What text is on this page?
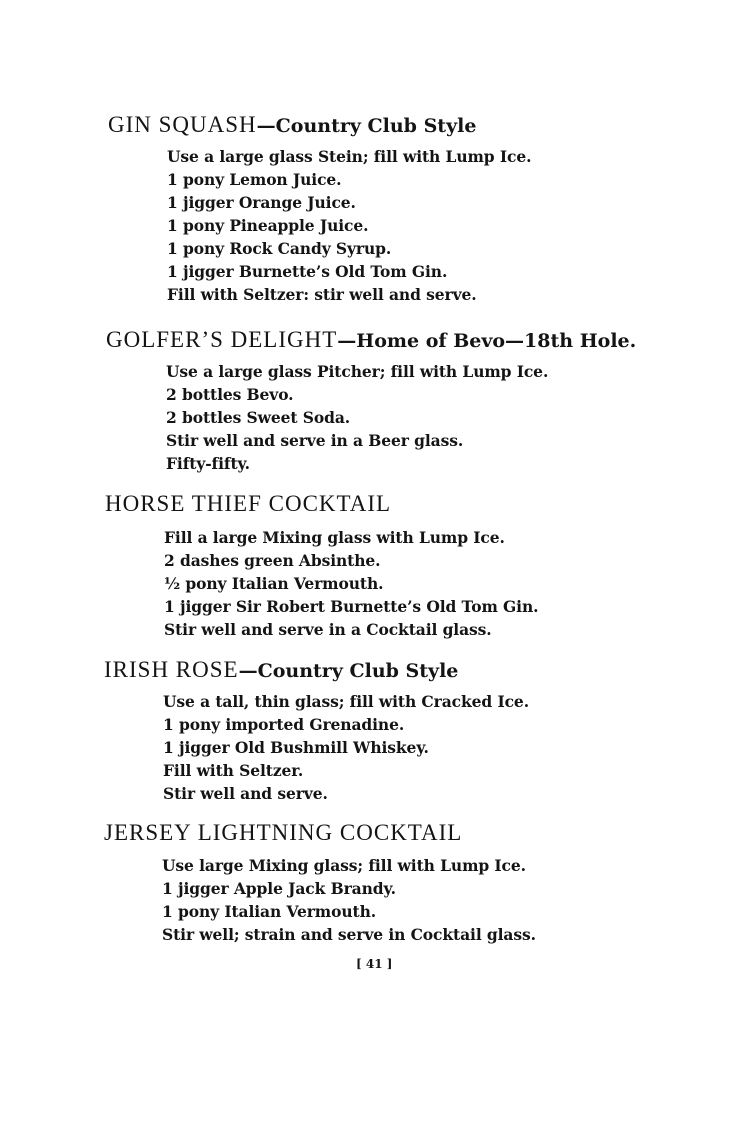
GIN SQUASH—Country Club Style
Use a large glass Stein; fill with Lump Ice.
1 pony Lemon Juice.
1 jigger Orange Juice.
1 pony Pineapple Juice.
1 pony Rock Candy Syrup.
1 jigger Burnette’s Old Tom Gin.
Fill with Seltzer: stir well and serve.
GOLFER’S DELIGHT—Home of Bevo—18th Hole.
Use a large glass Pitcher; fill with Lump Ice.
2 bottles Bevo.
2 bottles Sweet Soda.
Stir well and serve in a Beer glass.
Fifty-fifty.
HORSE THIEF COCKTAIL
Fill a large Mixing glass with Lump Ice.
2 dashes green Absinthe.
½ pony Italian Vermouth.
1 jigger Sir Robert Burnette’s Old Tom Gin.
Stir well and serve in a Cocktail glass.
IRISH ROSE—Country Club Style
Use a tall, thin glass; fill with Cracked Ice.
1 pony imported Grenadine.
1 jigger Old Bushmill Whiskey.
Fill with Seltzer.
Stir well and serve.
JERSEY LIGHTNING COCKTAIL
Use large Mixing glass; fill with Lump Ice.
1 jigger Apple Jack Brandy.
1 pony Italian Vermouth.
Stir well; strain and serve in Cocktail glass.
[ 41 ]
